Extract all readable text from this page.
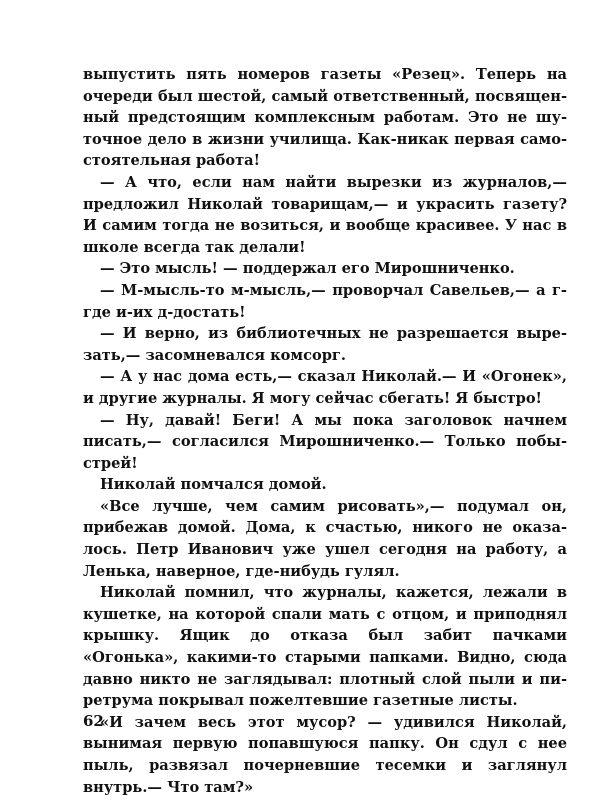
выпустить пять номеров газеты «Резец». Теперь на очереди был шестой, самый ответственный, посвященный предстоящим комплексным работам. Это не шуточное дело в жизни училища. Как-никак первая самостоятельная работа!

— А что, если нам найти вырезки из журналов,— предложил Николай товарищам,— и украсить газету? И самим тогда не возиться, и вообще красивее. У нас в школе всегда так делали!

— Это мысль! — поддержал его Мирошниченко.

— М-мысль-то м-мысль,— проворчал Савельев,— а г-где и-их д-достать!

— И верно, из библиотечных не разрешается вырезать,— засомневался комсорг.

— А у нас дома есть,— сказал Николай.— И «Огонек», и другие журналы. Я могу сейчас сбегать! Я быстро!

— Ну, давай! Беги! А мы пока заголовок начнем писать,— согласился Мирошниченко.— Только побыстрей!

Николай помчался домой.

«Все лучше, чем самим рисовать»,— подумал он, прибежав домой. Дома, к счастью, никого не оказалось. Петр Иванович уже ушел сегодня на работу, а Ленька, наверное, где-нибудь гулял.

Николай помнил, что журналы, кажется, лежали в кушетке, на которой спали мать с отцом, и приподнял крышку. Ящик до отказа был забит пачками «Огонька», какими-то старыми папками. Видно, сюда давно никто не заглядывал: плотный слой пыли и пиретрума покрывал пожелтевшие газетные листы.

«И зачем весь этот мусор? — удивился Николай, вынимая первую попавшуюся папку. Он сдул с нее пыль, развязал почерневшие тесемки и заглянул внутрь.— Что там?»

62
